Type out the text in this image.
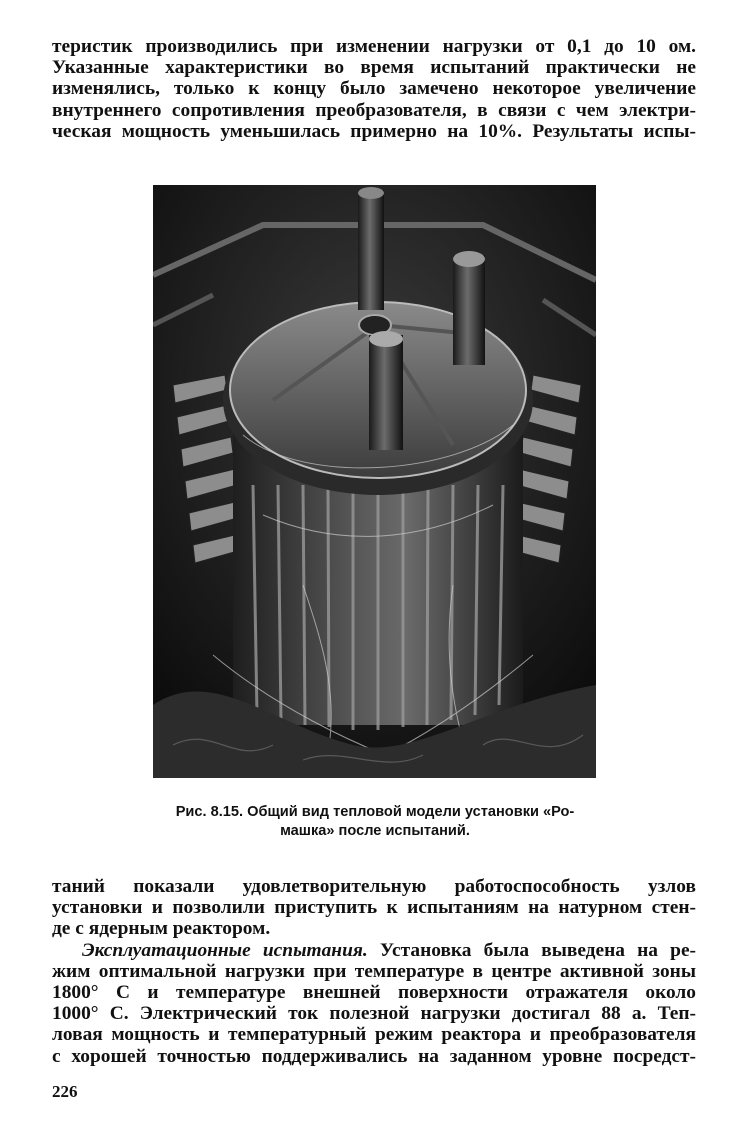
теристик производились при изменении нагрузки от 0,1 до 10 ом.
Указанные характеристики во время испытаний практически не
изменялись, только к концу было замечено некоторое увеличение
внутреннего сопротивления преобразователя, в связи с чем электри-
ческая мощность уменьшилась примерно на 10%. Результаты испы-
Рис. 8.15. Общий вид тепловой модели установки «Ро-
машка» после испытаний.
таний показали удовлетворительную работоспособность узлов
установки и позволили приступить к испытаниям на натурном стен-
де с ядерным реактором.
Эксплуатационные испытания. Установка была выведена на ре-
жим оптимальной нагрузки при температуре в центре активной зоны
1800° С и температуре внешней поверхности отражателя около
1000° С. Электрический ток полезной нагрузки достигал 88 а. Теп-
ловая мощность и температурный режим реактора и преобразователя
с хорошей точностью поддерживались на заданном уровне посредст-
226
